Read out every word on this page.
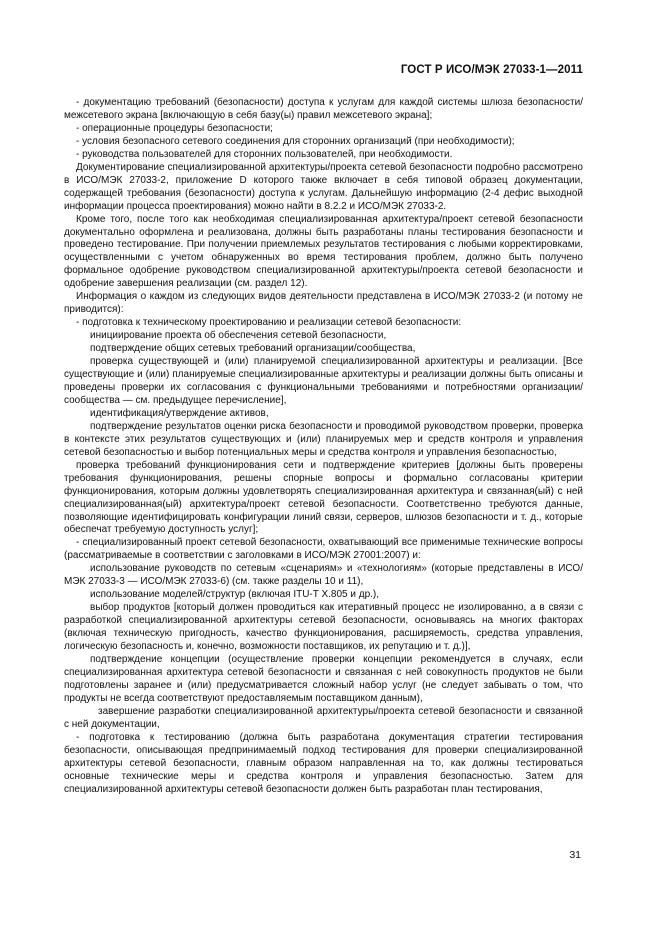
ГОСТ Р ИСО/МЭК 27033-1—2011

- документацию требований (безопасности) доступа к услугам для каждой системы шлюза безопасности/межсетевого экрана [включающую в себя базу(ы) правил межсетевого экрана];

- операционные процедуры безопасности;

- условия безопасного сетевого соединения для сторонних организаций (при необходимости);

- руководства пользователей для сторонних пользователей, при необходимости.

Документирование специализированной архитектуры/проекта сетевой безопасности подробно рассмотрено в ИСО/МЭК 27033-2, приложение D которого также включает в себя типовой образец документации, содержащей требования (безопасности) доступа к услугам. Дальнейшую информацию (2-4 дефис выходной информации процесса проектирования) можно найти в 8.2.2 и ИСО/МЭК 27033-2.

Кроме того, после того как необходимая специализированная архитектура/проект сетевой безопасности документально оформлена и реализована, должны быть разработаны планы тестирования безопасности и проведено тестирование. При получении приемлемых результатов тестирования с любыми корректировками, осуществленными с учетом обнаруженных во время тестирования проблем, должно быть получено формальное одобрение руководством специализированной архитектуры/проекта сетевой безопасности и одобрение завершения реализации (см. раздел 12).

Информация о каждом из следующих видов деятельности представлена в ИСО/МЭК 27033-2 (и потому не приводится):

- подготовка к техническому проектированию и реализации сетевой безопасности:

инициирование проекта об обеспечения сетевой безопасности,

подтверждение общих сетевых требований организации/сообщества,

проверка существующей и (или) планируемой специализированной архитектуры и реализации. [Все существующие и (или) планируемые специализированные архитектуры и реализации должны быть описаны и проведены проверки их согласования с функциональными требованиями и потребностями организации/сообщества — см. предыдущее перечисление],

идентификация/утверждение активов,

подтверждение результатов оценки риска безопасности и проводимой руководством проверки, проверка в контексте этих результатов существующих и (или) планируемых мер и средств контроля и управления сетевой безопасностью и выбор потенциальных меры и средства контроля и управления безопасностью,

проверка требований функционирования сети и подтверждение критериев [должны быть проверены требования функционирования, решены спорные вопросы и формально согласованы критерии функционирования, которым должны удовлетворять специализированная архитектура и связанная(ый) с ней специализированная(ый) архитектура/проект сетевой безопасности. Соответственно требуются данные, позволяющие идентифицировать конфигурации линий связи, серверов, шлюзов безопасности и т. д., которые обеспечат требуемую доступность услуг];

- специализированный проект сетевой безопасности, охватывающий все применимые технические вопросы (рассматриваемые в соответствии с заголовками в ИСО/МЭК 27001:2007) и:

использование руководств по сетевым «сценариям» и «технологиям» (которые представлены в ИСО/МЭК 27033-3 — ИСО/МЭК 27033-6) (см. также разделы 10 и 11),

использование моделей/структур (включая ITU-T X.805 и др.),

выбор продуктов [который должен проводиться как итеративный процесс не изолированно, а в связи с разработкой специализированной архитектуры сетевой безопасности, основываясь на многих факторах (включая техническую пригодность, качество функционирования, расширяемость, средства управления, логическую безопасность и, конечно, возможности поставщиков, их репутацию и т. д.)],

подтверждение концепции (осуществление проверки концепции рекомендуется в случаях, если специализированная архитектура сетевой безопасности и связанная с ней совокупность продуктов не были подготовлены заранее и (или) предусматривается сложный набор услуг (не следует забывать о том, что продукты не всегда соответствуют предоставляемым поставщиком данным),

завершение разработки специализированной архитектуры/проекта сетевой безопасности и связанной с ней документации,

- подготовка к тестированию (должна быть разработана документация стратегии тестирования безопасности, описывающая предпринимаемый подход тестирования для проверки специализированной архитектуры сетевой безопасности, главным образом направленная на то, как должны тестироваться основные технические меры и средства контроля и управления безопасностью. Затем для специализированной архитектуры сетевой безопасности должен быть разработан план тестирования,

31
